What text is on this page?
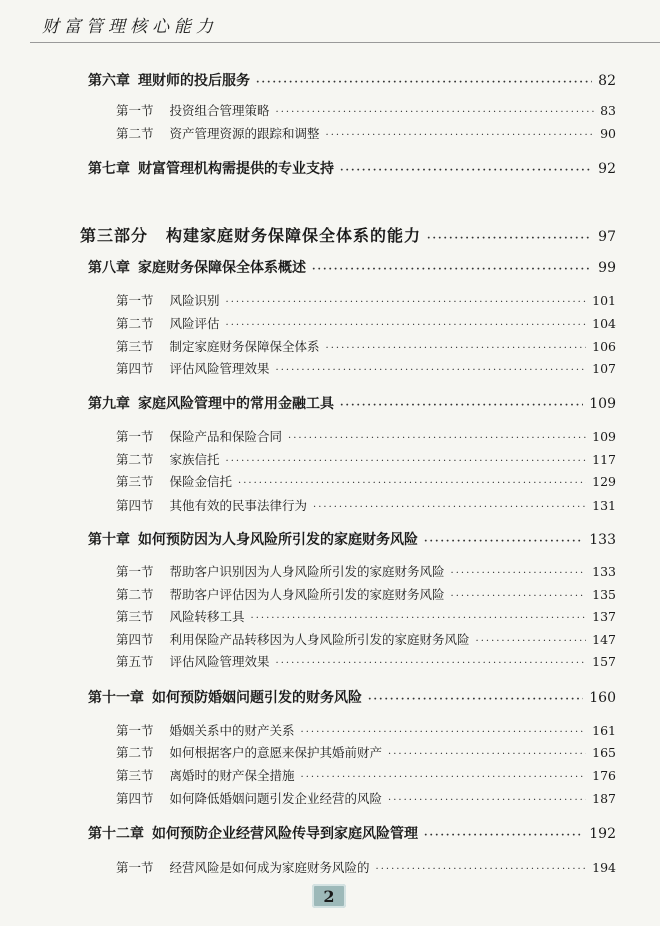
财富管理核心能力
第六章 理财师的投后服务 ·····	82
第一节 投资组合管理策略 ·····	83
第二节 资产管理资源的跟踪和调整 ·····	90
第七章 财富管理机构需提供的专业支持 ·····	92
第三部分 构建家庭财务保障保全体系的能力 ·····	97
第八章 家庭财务保障保全体系概述 ·····	99
第一节 风险识别 ·····	101
第二节 风险评估 ·····	104
第三节 制定家庭财务保障保全体系 ·····	106
第四节 评估风险管理效果 ·····	107
第九章 家庭风险管理中的常用金融工具 ·····	109
第一节 保险产品和保险合同 ·····	109
第二节 家族信托 ·····	117
第三节 保险金信托 ·····	129
第四节 其他有效的民事法律行为 ·····	131
第十章 如何预防因为人身风险所引发的家庭财务风险 ·····	133
第一节 帮助客户识别因为人身风险所引发的家庭财务风险 ·····	133
第二节 帮助客户评估因为人身风险所引发的家庭财务风险 ·····	135
第三节 风险转移工具 ·····	137
第四节 利用保险产品转移因为人身风险所引发的家庭财务风险 ·····	147
第五节 评估风险管理效果 ·····	157
第十一章 如何预防婚姻问题引发的财务风险 ·····	160
第一节 婚姻关系中的财产关系 ·····	161
第二节 如何根据客户的意愿来保护其婚前财产 ·····	165
第三节 离婚时的财产保全措施 ·····	176
第四节 如何降低婚姻问题引发企业经营的风险 ·····	187
第十二章 如何预防企业经营风险传导到家庭风险管理 ·····	192
第一节 经营风险是如何成为家庭财务风险的 ·····	194
2
